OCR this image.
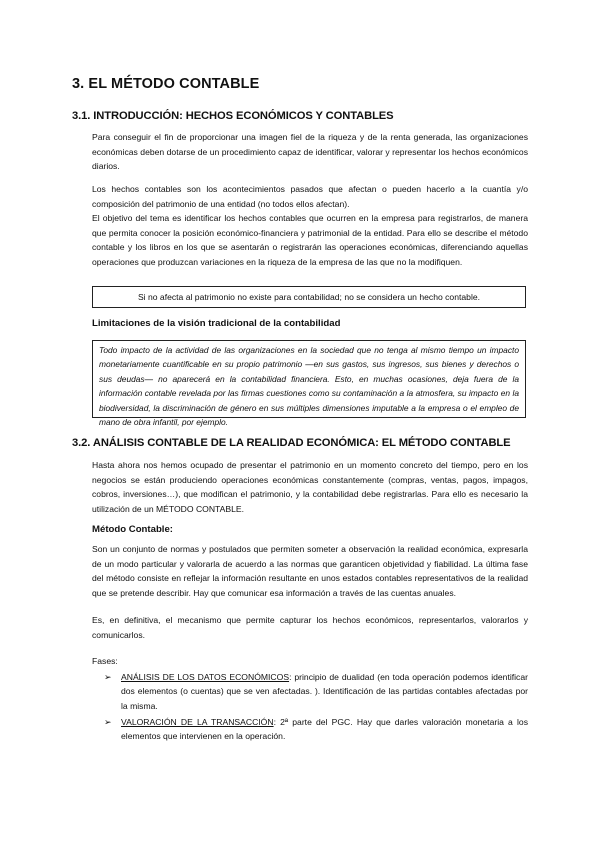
3. EL MÉTODO CONTABLE
3.1. INTRODUCCIÓN: HECHOS ECONÓMICOS Y CONTABLES
Para conseguir el fin de proporcionar una imagen fiel de la riqueza y de la renta generada, las organizaciones económicas deben dotarse de un procedimiento capaz de identificar, valorar y representar los hechos económicos diarios.
Los hechos contables son los acontecimientos pasados que afectan o pueden hacerlo a la cuantía y/o composición del patrimonio de una entidad (no todos ellos afectan).
El objetivo del tema es identificar los hechos contables que ocurren en la empresa para registrarlos, de manera que permita conocer la posición económico-financiera y patrimonial de la entidad. Para ello se describe el método contable y los libros en los que se asentarán o registrarán las operaciones económicas, diferenciando aquellas operaciones que produzcan variaciones en la riqueza de la empresa de las que no la modifiquen.
Si no afecta al patrimonio no existe para contabilidad; no se considera un hecho contable.
Limitaciones de la visión tradicional de la contabilidad
Todo impacto de la actividad de las organizaciones en la sociedad que no tenga al mismo tiempo un impacto monetariamente cuantificable en su propio patrimonio —en sus gastos, sus ingresos, sus bienes y derechos o sus deudas— no aparecerá en la contabilidad financiera. Esto, en muchas ocasiones, deja fuera de la información contable revelada por las firmas cuestiones como su contaminación a la atmosfera, su impacto en la biodiversidad, la discriminación de género en sus múltiples dimensiones imputable a la empresa o el empleo de mano de obra infantil, por ejemplo.
3.2. ANÁLISIS CONTABLE DE LA REALIDAD ECONÓMICA: EL MÉTODO CONTABLE
Hasta ahora nos hemos ocupado de presentar el patrimonio en un momento concreto del tiempo, pero en los negocios se están produciendo operaciones económicas constantemente (compras, ventas, pagos, impagos, cobros, inversiones…), que modifican el patrimonio, y la contabilidad debe registrarlas. Para ello es necesario la utilización de un MÉTODO CONTABLE.
Método Contable:
Son un conjunto de normas y postulados que permiten someter a observación la realidad económica, expresarla de un modo particular y valorarla de acuerdo a las normas que garanticen objetividad y fiabilidad. La última fase del método consiste en reflejar la información resultante en unos estados contables representativos de la realidad que se pretende describir. Hay que comunicar esa información a través de las cuentas anuales.
Es, en definitiva, el mecanismo que permite capturar los hechos económicos, representarlos, valorarlos y comunicarlos.
Fases:
➢ ANÁLISIS DE LOS DATOS ECONÓMICOS: principio de dualidad (en toda operación podemos identificar dos elementos (o cuentas) que se ven afectadas. ). Identificación de las partidas contables afectadas por la misma.
➢ VALORACIÓN DE LA TRANSACCIÓN: 2ª parte del PGC. Hay que darles valoración monetaria a los elementos que intervienen en la operación.
